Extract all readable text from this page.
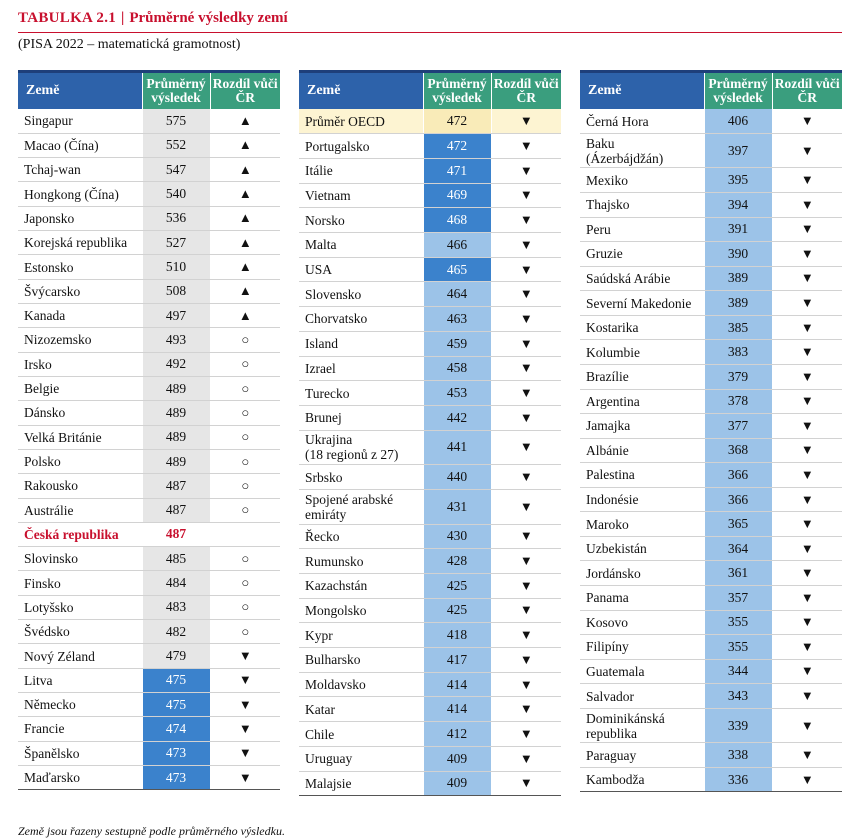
TABULKA 2.1 | Průměrné výsledky zemí
(PISA 2022 – matematická gramotnost)
Země	Průměrný výsledek	Rozdíl vůči ČR
Singapur	575	▲
Macao (Čína)	552	▲
Tchaj-wan	547	▲
Hongkong (Čína)	540	▲
Japonsko	536	▲
Korejská republika	527	▲
Estonsko	510	▲
Švýcarsko	508	▲
Kanada	497	▲
Nizozemsko	493	○
Irsko	492	○
Belgie	489	○
Dánsko	489	○
Velká Británie	489	○
Polsko	489	○
Rakousko	487	○
Austrálie	487	○
Česká republika	487	
Slovinsko	485	○
Finsko	484	○
Lotyšsko	483	○
Švédsko	482	○
Nový Zéland	479	▼
Litva	475	▼
Německo	475	▼
Francie	474	▼
Španělsko	473	▼
Maďarsko	473	▼
Země	Průměrný výsledek	Rozdíl vůči ČR
Průměr OECD	472	▼
Portugalsko	472	▼
Itálie	471	▼
Vietnam	469	▼
Norsko	468	▼
Malta	466	▼
USA	465	▼
Slovensko	464	▼
Chorvatsko	463	▼
Island	459	▼
Izrael	458	▼
Turecko	453	▼
Brunej	442	▼
Ukrajina
(18 regionů z 27)	441	▼
Srbsko	440	▼
Spojené arabské
emiráty	431	▼
Řecko	430	▼
Rumunsko	428	▼
Kazachstán	425	▼
Mongolsko	425	▼
Kypr	418	▼
Bulharsko	417	▼
Moldavsko	414	▼
Katar	414	▼
Chile	412	▼
Uruguay	409	▼
Malajsie	409	▼
Země	Průměrný výsledek	Rozdíl vůči ČR
Černá Hora	406	▼
Baku
(Ázerbájdžán)	397	▼
Mexiko	395	▼
Thajsko	394	▼
Peru	391	▼
Gruzie	390	▼
Saúdská Arábie	389	▼
Severní Makedonie	389	▼
Kostarika	385	▼
Kolumbie	383	▼
Brazílie	379	▼
Argentina	378	▼
Jamajka	377	▼
Albánie	368	▼
Palestina	366	▼
Indonésie	366	▼
Maroko	365	▼
Uzbekistán	364	▼
Jordánsko	361	▼
Panama	357	▼
Kosovo	355	▼
Filipíny	355	▼
Guatemala	344	▼
Salvador	343	▼
Dominikánská
republika	339	▼
Paraguay	338	▼
Kambodža	336	▼
Země jsou řazeny sestupně podle průměrného výsledku.
